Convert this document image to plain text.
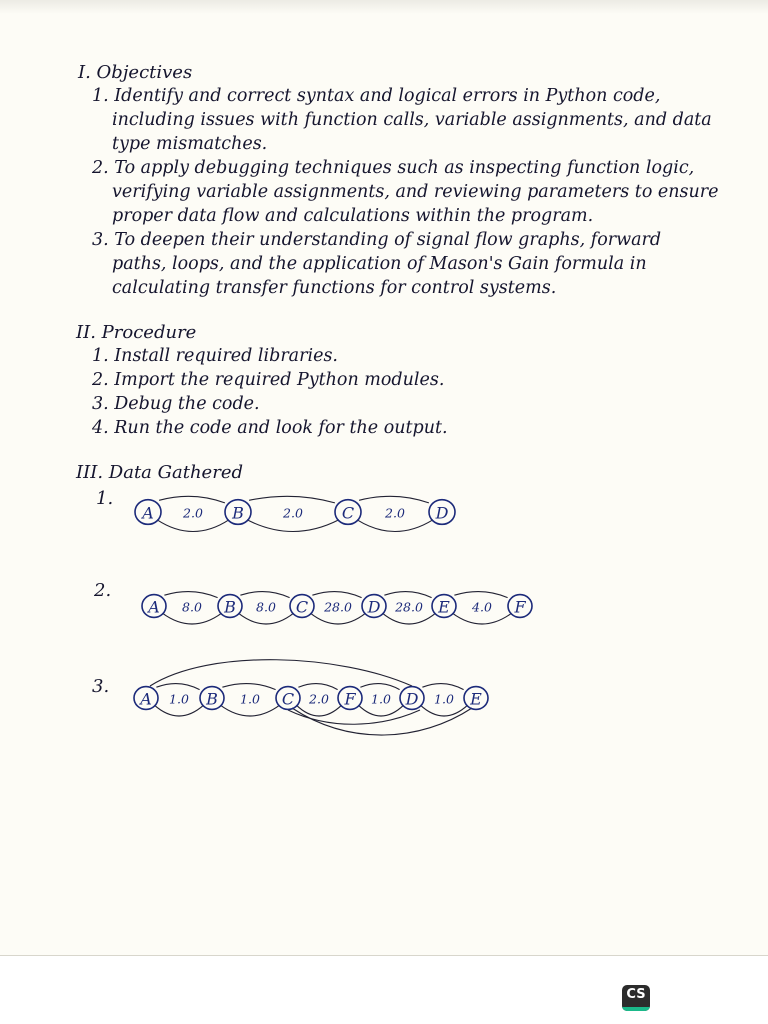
I. Objectives
1. Identify and correct syntax and logical errors in Python code,
including issues with function calls, variable assignments, and data
type mismatches.
2. To apply debugging techniques such as inspecting function logic,
verifying variable assignments, and reviewing parameters to ensure
proper data flow and calculations within the program.
3. To deepen their understanding of signal flow graphs, forward
paths, loops, and the application of Mason's Gain formula in
calculating transfer functions for control systems.
II. Procedure
1. Install required libraries.
2. Import the required Python modules.
3. Debug the code.
4. Run the code and look for the output.
III. Data Gathered
1.
2.0	2.0	2.0
A	B	C	D
2.
8.0	8.0	28.0	28.0	4.0
A	B	C	D	E	F
3.
1.0	1.0	2.0	1.0	1.0
A	B	C	F	D	E
CS
